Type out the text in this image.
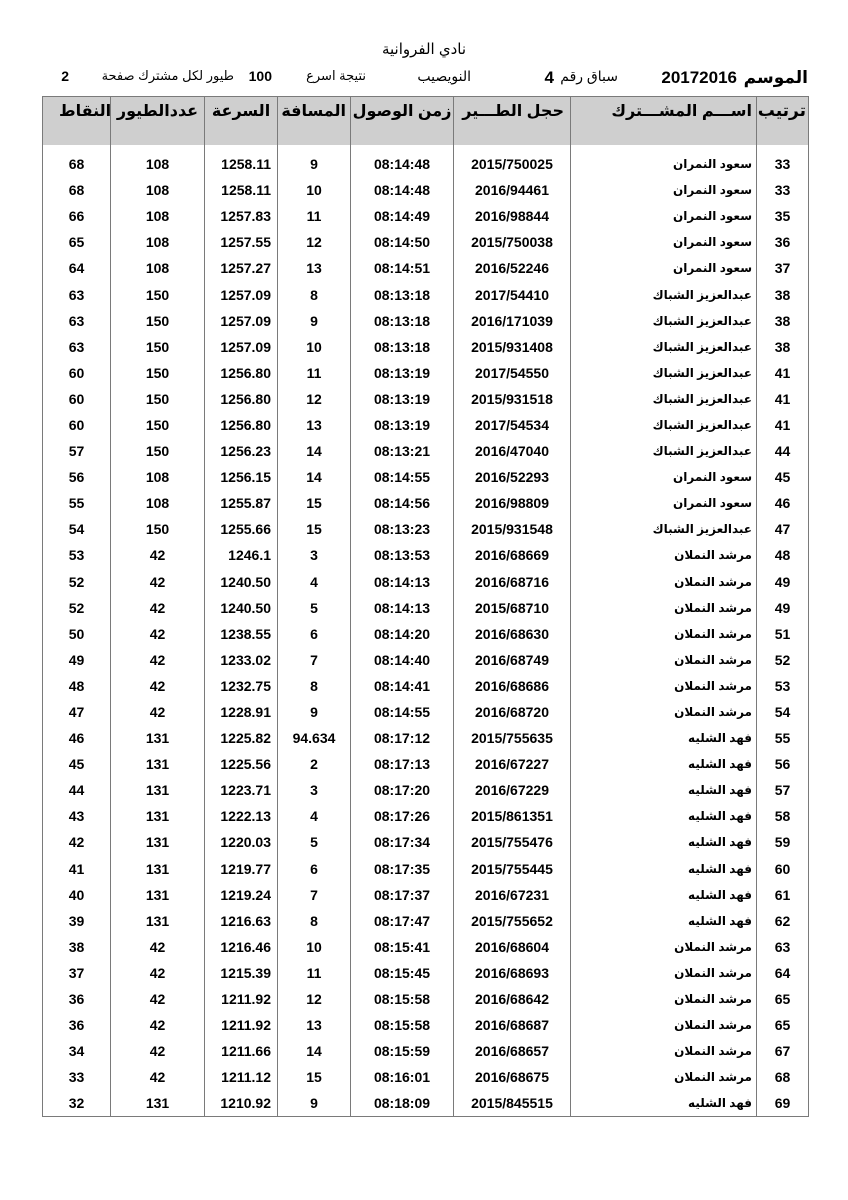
نادي الفروانية
الموسم
20172016
سباق رقم
4
النويصيب
نتيجة اسرع
100
طيور لكل مشترك صفحة
2
النقاط	عددالطيور	السرعة	المسافة	زمن الوصول	حجل الطـــير	اســـم المشـــترك	ترتيب
68	108	1258.11	9	08:14:48	2015/750025	سعود النمران	33
68	108	1258.11	10	08:14:48	2016/94461	سعود النمران	33
66	108	1257.83	11	08:14:49	2016/98844	سعود النمران	35
65	108	1257.55	12	08:14:50	2015/750038	سعود النمران	36
64	108	1257.27	13	08:14:51	2016/52246	سعود النمران	37
63	150	1257.09	8	08:13:18	2017/54410	عبدالعزيز الشباك	38
63	150	1257.09	9	08:13:18	2016/171039	عبدالعزيز الشباك	38
63	150	1257.09	10	08:13:18	2015/931408	عبدالعزيز الشباك	38
60	150	1256.80	11	08:13:19	2017/54550	عبدالعزيز الشباك	41
60	150	1256.80	12	08:13:19	2015/931518	عبدالعزيز الشباك	41
60	150	1256.80	13	08:13:19	2017/54534	عبدالعزيز الشباك	41
57	150	1256.23	14	08:13:21	2016/47040	عبدالعزيز الشباك	44
56	108	1256.15	14	08:14:55	2016/52293	سعود النمران	45
55	108	1255.87	15	08:14:56	2016/98809	سعود النمران	46
54	150	1255.66	15	08:13:23	2015/931548	عبدالعزيز الشباك	47
53	42	1246.1	3	08:13:53	2016/68669	مرشد النملان	48
52	42	1240.50	4	08:14:13	2016/68716	مرشد النملان	49
52	42	1240.50	5	08:14:13	2015/68710	مرشد النملان	49
50	42	1238.55	6	08:14:20	2016/68630	مرشد النملان	51
49	42	1233.02	7	08:14:40	2016/68749	مرشد النملان	52
48	42	1232.75	8	08:14:41	2016/68686	مرشد النملان	53
47	42	1228.91	9	08:14:55	2016/68720	مرشد النملان	54
46	131	1225.82	94.634	08:17:12	2015/755635	فهد الشليه	55
45	131	1225.56	2	08:17:13	2016/67227	فهد الشليه	56
44	131	1223.71	3	08:17:20	2016/67229	فهد الشليه	57
43	131	1222.13	4	08:17:26	2015/861351	فهد الشليه	58
42	131	1220.03	5	08:17:34	2015/755476	فهد الشليه	59
41	131	1219.77	6	08:17:35	2015/755445	فهد الشليه	60
40	131	1219.24	7	08:17:37	2016/67231	فهد الشليه	61
39	131	1216.63	8	08:17:47	2015/755652	فهد الشليه	62
38	42	1216.46	10	08:15:41	2016/68604	مرشد النملان	63
37	42	1215.39	11	08:15:45	2016/68693	مرشد النملان	64
36	42	1211.92	12	08:15:58	2016/68642	مرشد النملان	65
36	42	1211.92	13	08:15:58	2016/68687	مرشد النملان	65
34	42	1211.66	14	08:15:59	2016/68657	مرشد النملان	67
33	42	1211.12	15	08:16:01	2016/68675	مرشد النملان	68
32	131	1210.92	9	08:18:09	2015/845515	فهد الشليه	69
